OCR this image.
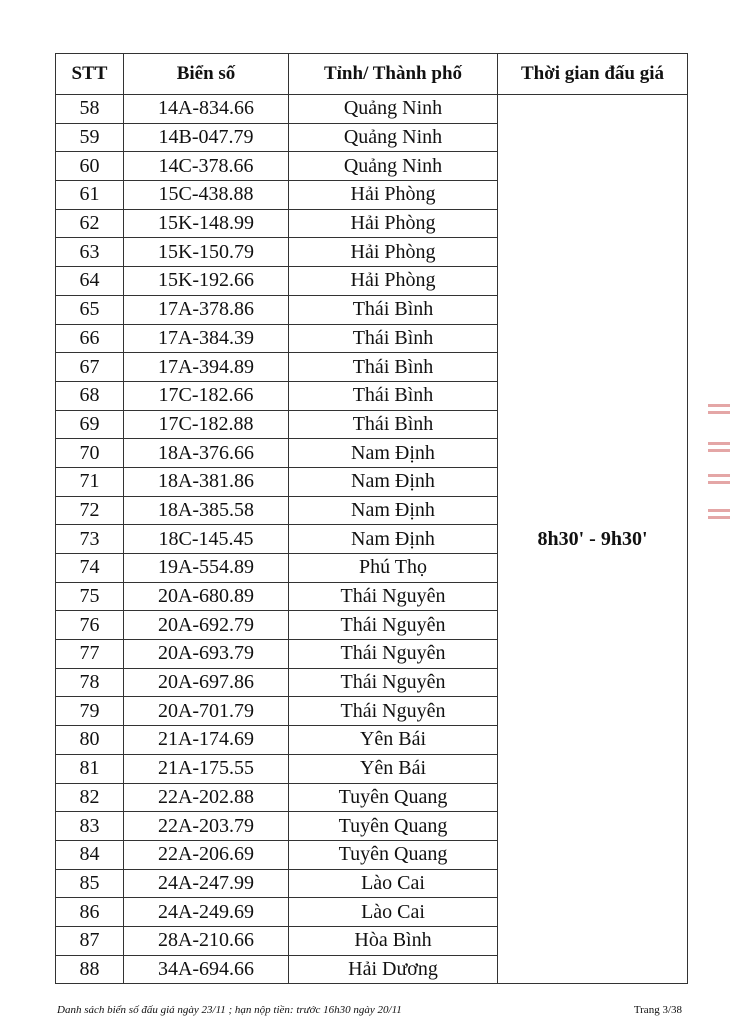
STT	Biển số	Tỉnh/ Thành phố	Thời gian đấu giá
58	14A-834.66	Quảng Ninh	8h30' - 9h30'
59	14B-047.79	Quảng Ninh	
60	14C-378.66	Quảng Ninh	
61	15C-438.88	Hải Phòng	
62	15K-148.99	Hải Phòng	
63	15K-150.79	Hải Phòng	
64	15K-192.66	Hải Phòng	
65	17A-378.86	Thái Bình	
66	17A-384.39	Thái Bình	
67	17A-394.89	Thái Bình	
68	17C-182.66	Thái Bình	
69	17C-182.88	Thái Bình	
70	18A-376.66	Nam Định	
71	18A-381.86	Nam Định	
72	18A-385.58	Nam Định	
73	18C-145.45	Nam Định	
74	19A-554.89	Phú Thọ	
75	20A-680.89	Thái Nguyên	
76	20A-692.79	Thái Nguyên	
77	20A-693.79	Thái Nguyên	
78	20A-697.86	Thái Nguyên	
79	20A-701.79	Thái Nguyên	
80	21A-174.69	Yên Bái	
81	21A-175.55	Yên Bái	
82	22A-202.88	Tuyên Quang	
83	22A-203.79	Tuyên Quang	
84	22A-206.69	Tuyên Quang	
85	24A-247.99	Lào Cai	
86	24A-249.69	Lào Cai	
87	28A-210.66	Hòa Bình	
88	34A-694.66	Hải Dương	
Danh sách biển số đấu giá ngày 23/11 ; hạn nộp tiền: trước 16h30 ngày 20/11	Trang 3/38
